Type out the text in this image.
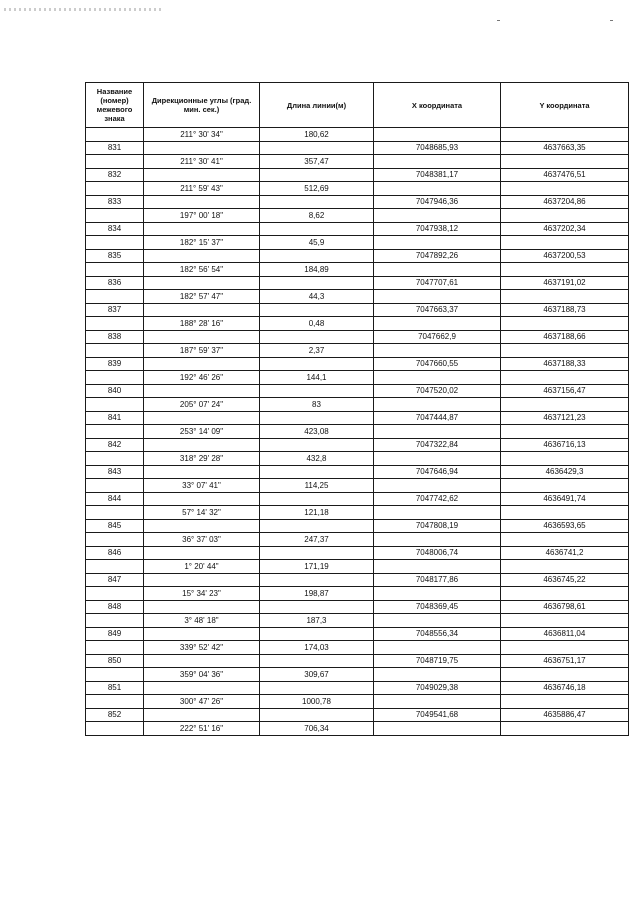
Название (номер) межевого знака	Дирекционные углы (град. мин. сек.)	Длина линии(м)	X координата	Y координата
	211° 30' 34"	180,62		
831			7048685,93	4637663,35
	211° 30' 41"	357,47		
832			7048381,17	4637476,51
	211° 59' 43"	512,69		
833			7047946,36	4637204,86
	197° 00' 18"	8,62		
834			7047938,12	4637202,34
	182° 15' 37"	45,9		
835			7047892,26	4637200,53
	182° 56' 54"	184,89		
836			7047707,61	4637191,02
	182° 57' 47"	44,3		
837			7047663,37	4637188,73
	188° 28' 16"	0,48		
838			7047662,9	4637188,66
	187° 59' 37"	2,37		
839			7047660,55	4637188,33
	192° 46' 26"	144,1		
840			7047520,02	4637156,47
	205° 07' 24"	83		
841			7047444,87	4637121,23
	253° 14' 09"	423,08		
842			7047322,84	4636716,13
	318° 29' 28"	432,8		
843			7047646,94	4636429,3
	33° 07' 41"	114,25		
844			7047742,62	4636491,74
	57° 14' 32"	121,18		
845			7047808,19	4636593,65
	36° 37' 03"	247,37		
846			7048006,74	4636741,2
	1° 20' 44"	171,19		
847			7048177,86	4636745,22
	15° 34' 23"	198,87		
848			7048369,45	4636798,61
	3° 48' 18"	187,3		
849			7048556,34	4636811,04
	339° 52' 42"	174,03		
850			7048719,75	4636751,17
	359° 04' 36"	309,67		
851			7049029,38	4636746,18
	300° 47' 26"	1000,78		
852			7049541,68	4635886,47
	222° 51' 16"	706,34		
